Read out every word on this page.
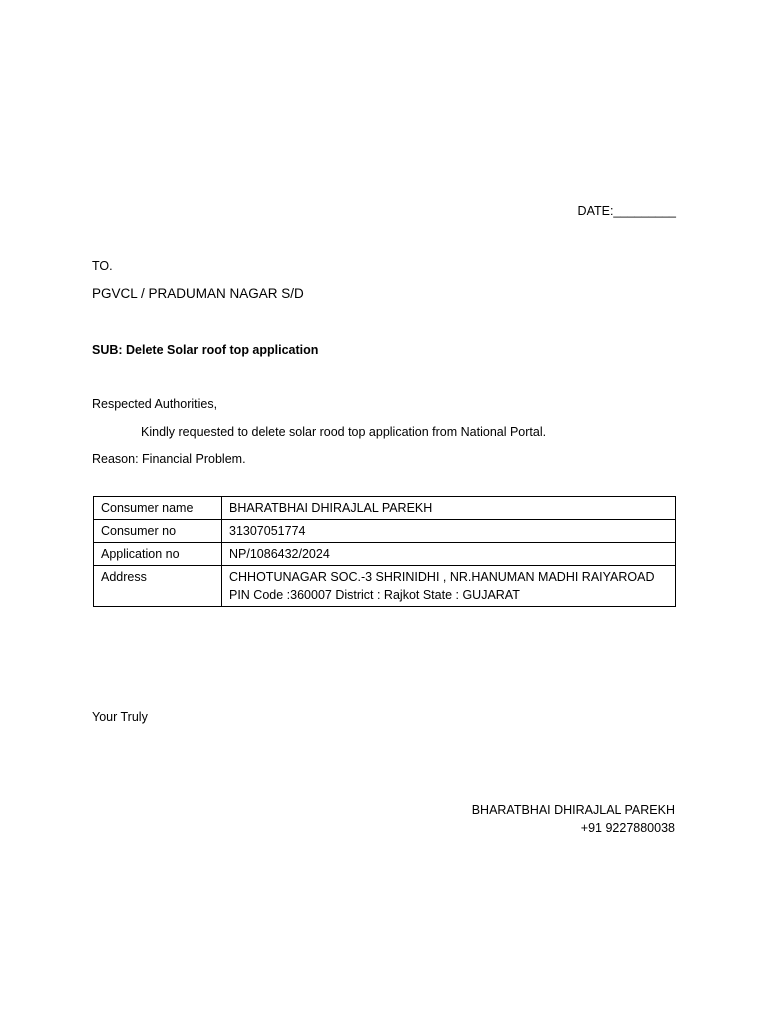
DATE:_________
TO.
PGVCL / PRADUMAN NAGAR S/D
SUB: Delete Solar roof top application
Respected Authorities,
Kindly requested to delete solar rood top application from National Portal.
Reason: Financial Problem.
Consumer name	BHARATBHAI DHIRAJLAL PAREKH
Consumer no	31307051774
Application no	NP/1086432/2024
Address	CHHOTUNAGAR SOC.-3 SHRINIDHI , NR.HANUMAN MADHI RAIYAROAD PIN Code :360007 District : Rajkot State : GUJARAT
Your Truly
BHARATBHAI DHIRAJLAL PAREKH
+91 9227880038
